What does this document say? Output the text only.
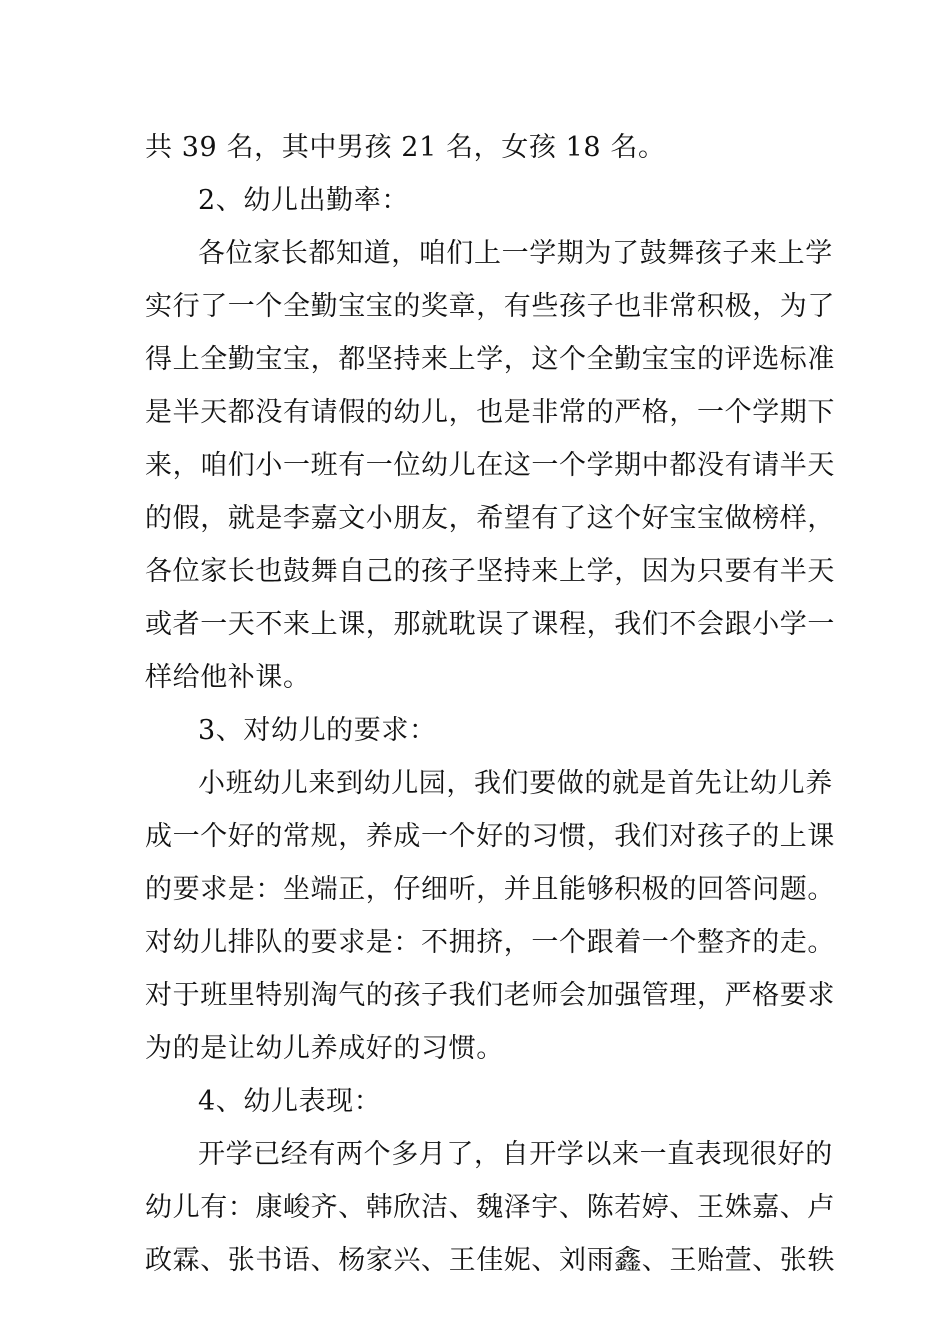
共 39 名，其中男孩 21 名，女孩 18 名。
2、幼儿出勤率：
各位家长都知道，咱们上一学期为了鼓舞孩子来上学
实行了一个全勤宝宝的奖章，有些孩子也非常积极，为了
得上全勤宝宝，都坚持来上学，这个全勤宝宝的评选标准
是半天都没有请假的幼儿，也是非常的严格，一个学期下
来，咱们小一班有一位幼儿在这一个学期中都没有请半天
的假，就是李嘉文小朋友，希望有了这个好宝宝做榜样，
各位家长也鼓舞自己的孩子坚持来上学，因为只要有半天
或者一天不来上课，那就耽误了课程，我们不会跟小学一
样给他补课。
3、对幼儿的要求：
小班幼儿来到幼儿园，我们要做的就是首先让幼儿养
成一个好的常规，养成一个好的习惯，我们对孩子的上课
的要求是：坐端正，仔细听，并且能够积极的回答问题。
对幼儿排队的要求是：不拥挤，一个跟着一个整齐的走。
对于班里特别淘气的孩子我们老师会加强管理，严格要求
为的是让幼儿养成好的习惯。
4、幼儿表现：
开学已经有两个多月了，自开学以来一直表现很好的
幼儿有：康峻齐、韩欣洁、魏泽宇、陈若婷、王姝嘉、卢
政霖、张书语、杨家兴、王佳妮、刘雨鑫、王贻萱、张轶
